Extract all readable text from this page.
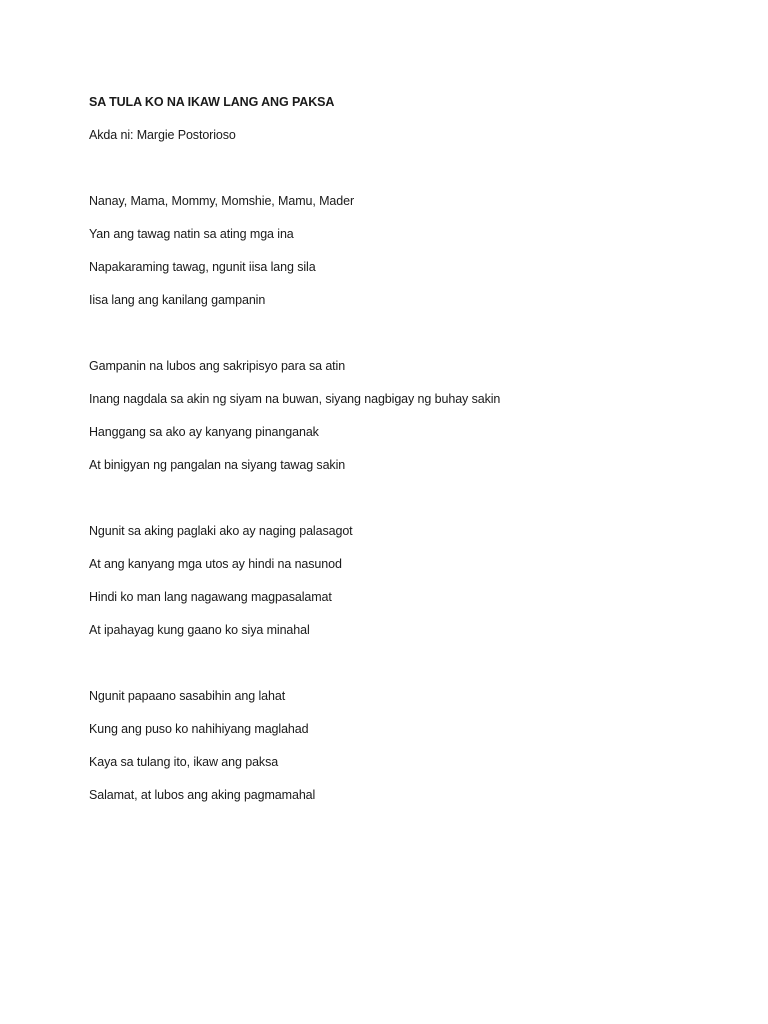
SA TULA KO NA IKAW LANG ANG PAKSA
Akda ni: Margie Postorioso
Nanay, Mama, Mommy, Momshie, Mamu, Mader
Yan ang tawag natin sa ating mga ina
Napakaraming tawag, ngunit iisa lang sila
Iisa lang ang kanilang gampanin
Gampanin na lubos ang sakripisyo para sa atin
Inang nagdala sa akin ng siyam na buwan, siyang nagbigay ng buhay sakin
Hanggang sa ako ay kanyang pinanganak
At binigyan ng pangalan na siyang tawag sakin
Ngunit sa aking paglaki ako ay naging palasagot
At ang kanyang mga utos ay hindi na nasunod
Hindi ko man lang nagawang magpasalamat
At ipahayag kung gaano ko siya minahal
Ngunit papaano sasabihin ang lahat
Kung ang puso ko nahihiyang maglahad
Kaya sa tulang ito, ikaw ang paksa
Salamat, at lubos ang aking pagmamahal
